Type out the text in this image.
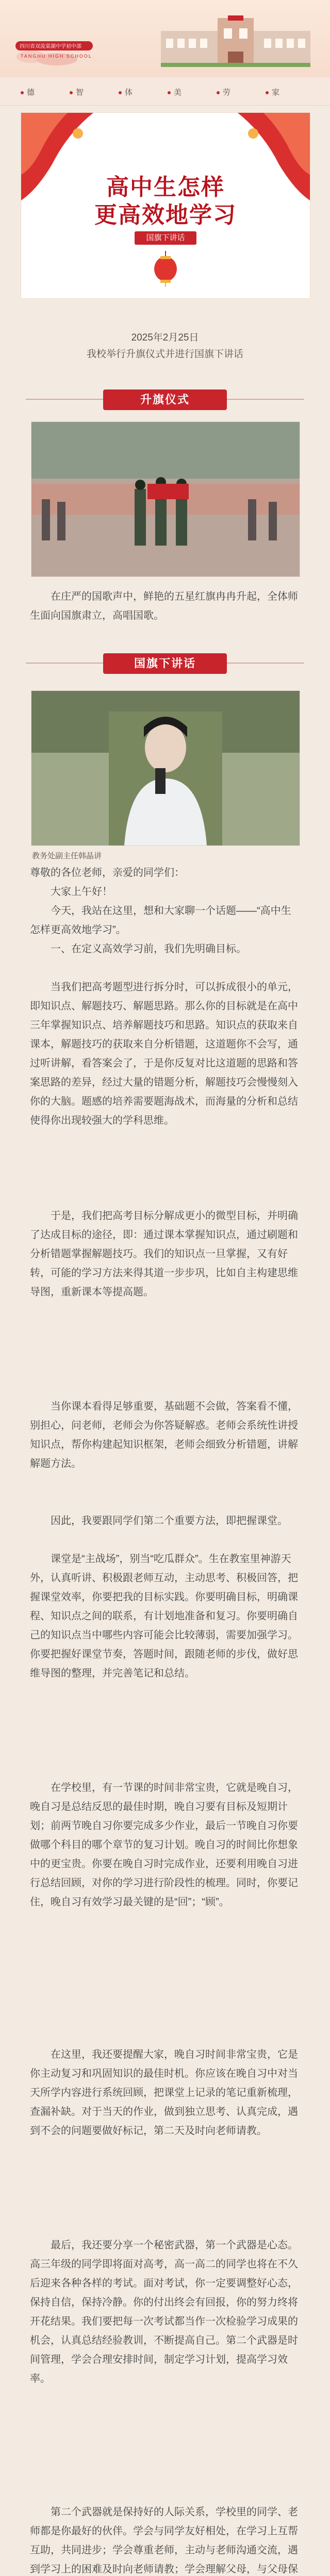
四川省双流棠湖中学初中部
TANGHU HIGH SCHOOL
德	智	体	美	劳	家
高中生怎样
更高效地学习
国旗下讲话
2025年2月25日
我校举行升旗仪式并进行国旗下讲话
升旗仪式

在庄严的国歌声中，鲜艳的五星红旗冉冉升起，全体师生面向国旗肃立，高唱国歌。

国旗下讲话
教务处副主任韩晶讲

尊敬的各位老师，亲爱的同学们：

大家上午好！

今天，我站在这里，想和大家聊一个话题——“高中生怎样更高效地学习”。

一、在定义高效学习前，我们先明确目标。

当我们把高考题型进行拆分时，可以拆成很小的单元，即知识点、解题技巧、解题思路。那么你的目标就是在高中三年掌握知识点、培养解题技巧和思路。知识点的获取来自课本，解题技巧的获取来自分析错题，这道题你不会写，通过听讲解，看答案会了，于是你反复对比这道题的思路和答案思路的差异，经过大量的错题分析，解题技巧会慢慢刻入你的大脑。题感的培养需要题海战术，而海量的分析和总结使得你出现较强大的学科思维。

于是，我们把高考目标分解成更小的微型目标，并明确了达成目标的途径，即：通过课本掌握知识点，通过刷题和分析错题掌握解题技巧。我们的知识点一旦掌握，又有好转，可能的学习方法来得其道一步步巩，比如自主构建思维导图，重新课本等提高题。

当你课本看得足够重要，基础题不会做，答案看不懂，别担心，问老师，老师会为你答疑解惑。老师会系统性讲授知识点，帮你构建起知识框架，老师会细致分析错题，讲解解题方法。

因此，我要跟同学们第二个重要方法，即把握课堂。

课堂是“主战场”，别当“吃瓜群众”。生在教室里神游天外，认真听讲、积极跟老师互动，主动思考、积极回答，把握课堂效率，你要把我的目标实践。你要明确目标，明确课程、知识点之间的联系，有计划地准备和复习。你要明确自己的知识点当中哪些内容可能会比较薄弱，需要加强学习。你要把握好课堂节奏，答题时间，跟随老师的步伐，做好思维导图的整理，并完善笔记和总结。

在学校里，有一节课的时间非常宝贵，它就是晚自习，晚自习是总结反思的最佳时期，晚自习要有目标及短期计划；前两节晚自习你要完成多少作业，最后一节晚自习你要做哪个科目的哪个章节的复习计划。晚自习的时间比你想象中的更宝贵。你要在晚自习时完成作业，还要利用晚自习进行总结回顾，对你的学习进行阶段性的梳理。同时，你要记住，晚自习有效学习最关键的是“回”；“顾”。

在这里，我还要提醒大家，晚自习时间非常宝贵，它是你主动复习和巩固知识的最佳时机。你应该在晚自习中对当天所学内容进行系统回顾，把课堂上记录的笔记重新梳理，查漏补缺。对于当天的作业，做到独立思考、认真完成，遇到不会的问题要做好标记，第二天及时向老师请教。

最后，我还要分享一个秘密武器，第一个武器是心态。高三年级的同学即将面对高考，高一高二的同学也将在不久后迎来各种各样的考试。面对考试，你一定要调整好心态，保持自信，保持冷静。你的付出终会有回报，你的努力终将开花结果。我们要把每一次考试都当作一次检验学习成果的机会，认真总结经验教训，不断提高自己。第二个武器是时间管理，学会合理安排时间，制定学习计划，提高学习效率。

第二个武器就是保持好的人际关系，学校里的同学、老师都是你最好的伙伴。学会与同学友好相处，在学习上互帮互助，共同进步；学会尊重老师，主动与老师沟通交流，遇到学习上的困难及时向老师请教；学会理解父母，与父母保
